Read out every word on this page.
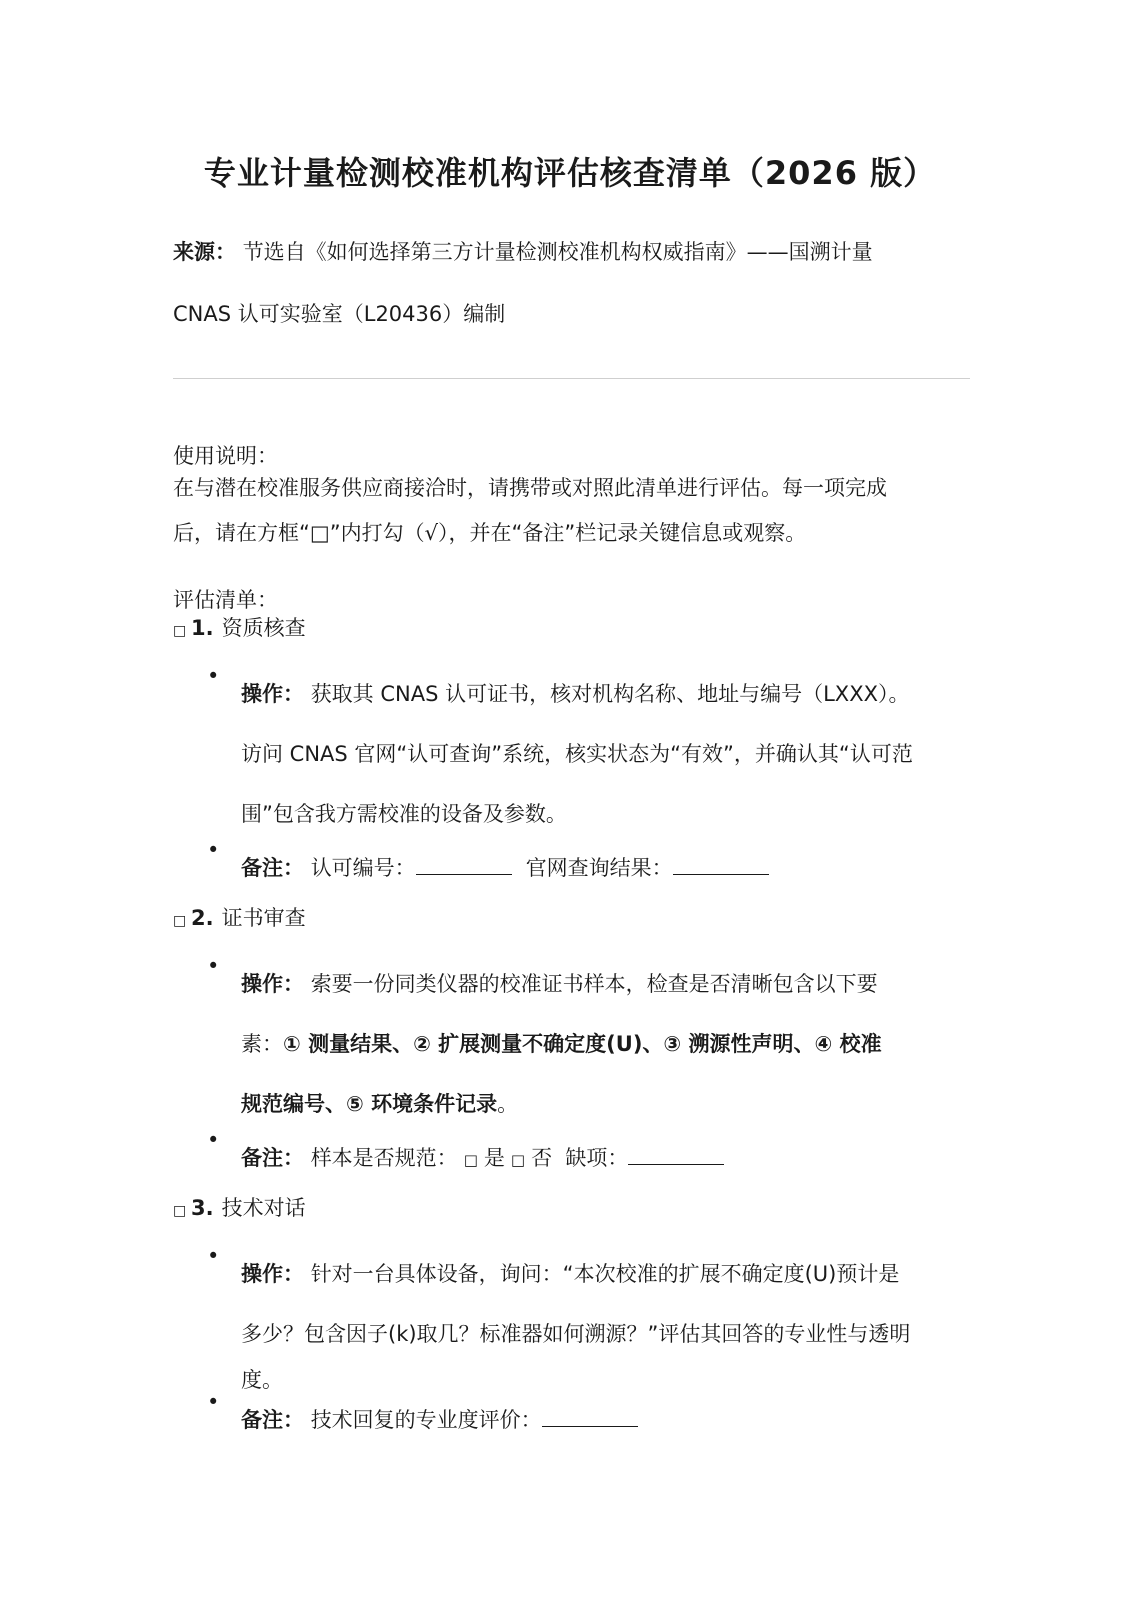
专业计量检测校准机构评估核查清单（2026 版）
来源： 节选自《如何选择第三方计量检测校准机构权威指南》——国溯计量
CNAS 认可实验室（L20436）编制
使用说明：
在与潜在校准服务供应商接洽时，请携带或对照此清单进行评估。每一项完成
后，请在方框“□”内打勾（√），并在“备注”栏记录关键信息或观察。
评估清单：
□ 1. 资质核查
•
操作： 获取其 CNAS 认可证书，核对机构名称、地址与编号（LXXX）。
访问 CNAS 官网“认可查询”系统，核实状态为“有效”，并确认其“认可范
围”包含我方需校准的设备及参数。
•
备注： 认可编号：	官网查询结果：
□ 2. 证书审查
•
操作： 索要一份同类仪器的校准证书样本，检查是否清晰包含以下要
素：① 测量结果、② 扩展测量不确定度(U)、③ 溯源性声明、④ 校准
规范编号、⑤ 环境条件记录。
•
备注： 样本是否规范： □ 是 □ 否 缺项：
□ 3. 技术对话
•
操作： 针对一台具体设备，询问：“本次校准的扩展不确定度(U)预计是
多少？包含因子(k)取几？标准器如何溯源？”评估其回答的专业性与透明
度。
•
备注： 技术回复的专业度评价：
